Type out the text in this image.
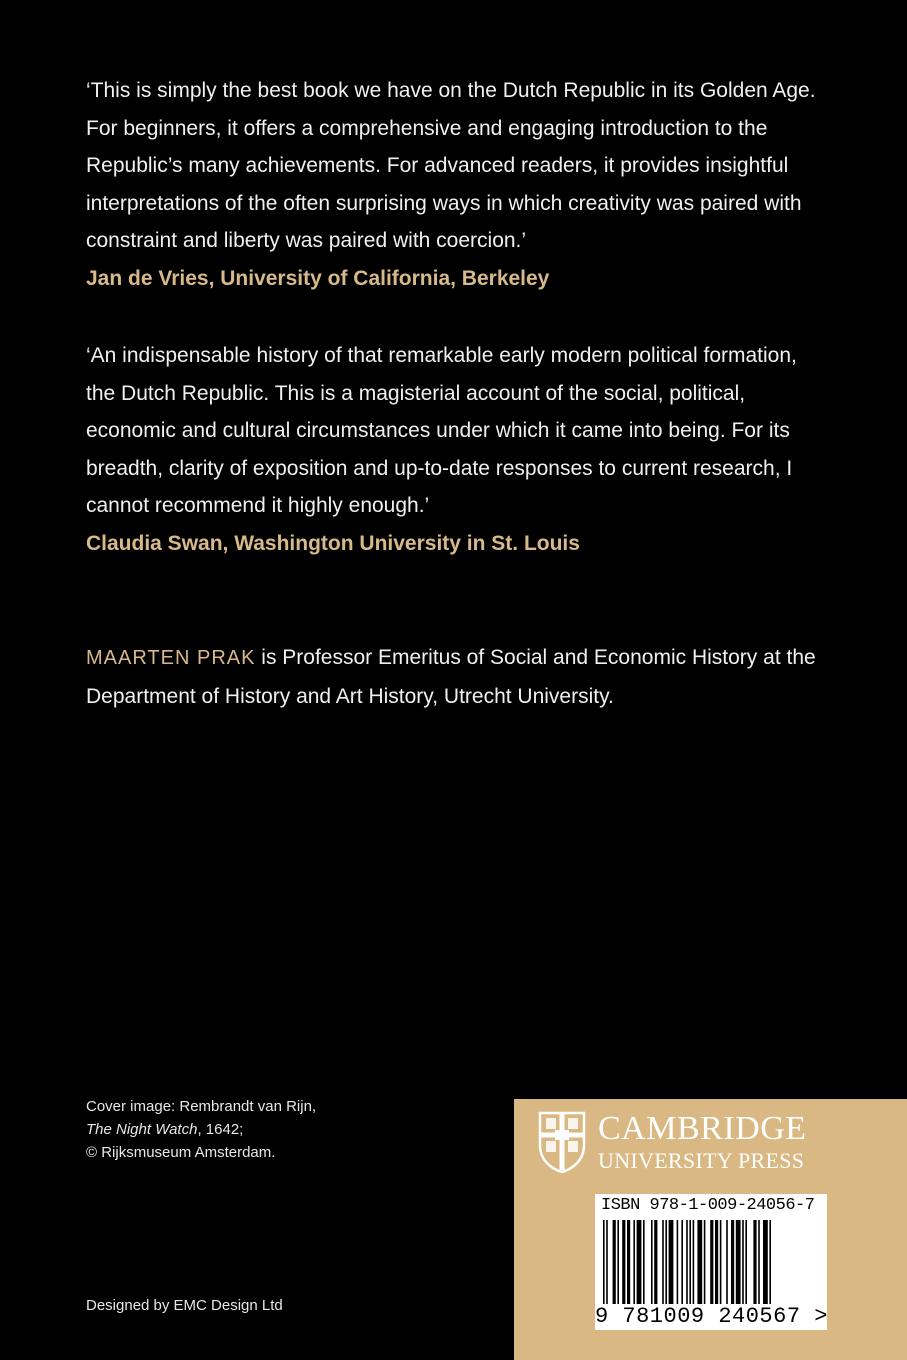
‘This is simply the best book we have on the Dutch Republic in its Golden Age. For beginners, it offers a comprehensive and engaging introduction to the Republic’s many achievements. For advanced readers, it provides insightful interpretations of the often surprising ways in which creativity was paired with constraint and liberty was paired with coercion.’

Jan de Vries, University of California, Berkeley

‘An indispensable history of that remarkable early modern political formation, the Dutch Republic. This is a magisterial account of the social, political, economic and cultural circumstances under which it came into being. For its breadth, clarity of exposition and up-to-date responses to current research, I cannot recommend it highly enough.’

Claudia Swan, Washington University in St. Louis

MAARTEN PRAK is Professor Emeritus of Social and Economic History at the Department of History and Art History, Utrecht University.
Cover image: Rembrandt van Rijn,
The Night Watch, 1642;
© Rijksmuseum Amsterdam.
Designed by EMC Design Ltd
CAMBRIDGE
UNIVERSITY PRESS
ISBN 978-1-009-24056-7
9 781009 240567 >
